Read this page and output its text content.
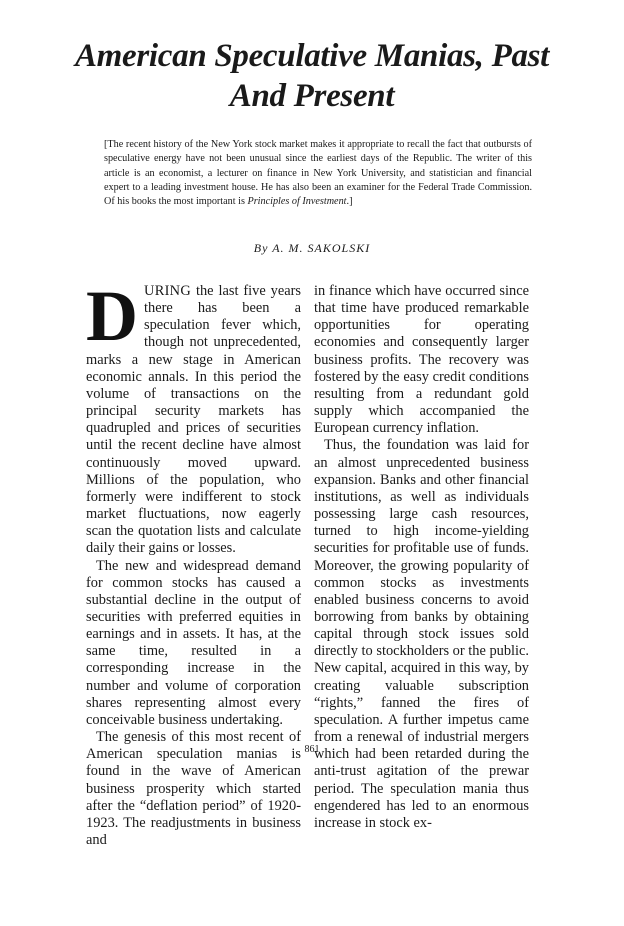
American Speculative Manias, Past
And Present

[The recent history of the New York stock market makes it appropriate to recall the fact that outbursts of speculative energy have not been unusual since the earliest days of the Republic. The writer of this article is an economist, a lecturer on finance in New York University, and statistician and financial expert to a leading investment house. He has also been an examiner for the Federal Trade Commission. Of his books the most important is Principles of Investment.]

By A. M. SAKOLSKI

DURING the last five years there has been a speculation fever which, though not unprecedented, marks a new stage in American economic annals. In this period the volume of transactions on the principal security markets has quadrupled and prices of securities until the recent decline have almost continuously moved upward. Millions of the population, who formerly were indifferent to stock market fluctuations, now eagerly scan the quotation lists and calculate daily their gains or losses.

The new and widespread demand for common stocks has caused a substantial decline in the output of securities with preferred equities in earnings and in assets. It has, at the same time, resulted in a corresponding increase in the number and volume of corporation shares representing almost every conceivable business undertaking.

The genesis of this most recent of American speculation manias is found in the wave of American business prosperity which started after the “deflation period” of 1920-1923. The readjustments in business and

in finance which have occurred since that time have produced remarkable opportunities for operating economies and consequently larger business profits. The recovery was fostered by the easy credit conditions resulting from a redundant gold supply which accompanied the European currency inflation.

Thus, the foundation was laid for an almost unprecedented business expansion. Banks and other financial institutions, as well as individuals possessing large cash resources, turned to high income-yielding securities for profitable use of funds. Moreover, the growing popularity of common stocks as investments enabled business concerns to avoid borrowing from banks by obtaining capital through stock issues sold directly to stockholders or the public. New capital, acquired in this way, by creating valuable subscription “rights,” fanned the fires of speculation. A further impetus came from a renewal of industrial mergers which had been retarded during the anti-trust agitation of the prewar period. The speculation mania thus engendered has led to an enormous increase in stock ex-

861
